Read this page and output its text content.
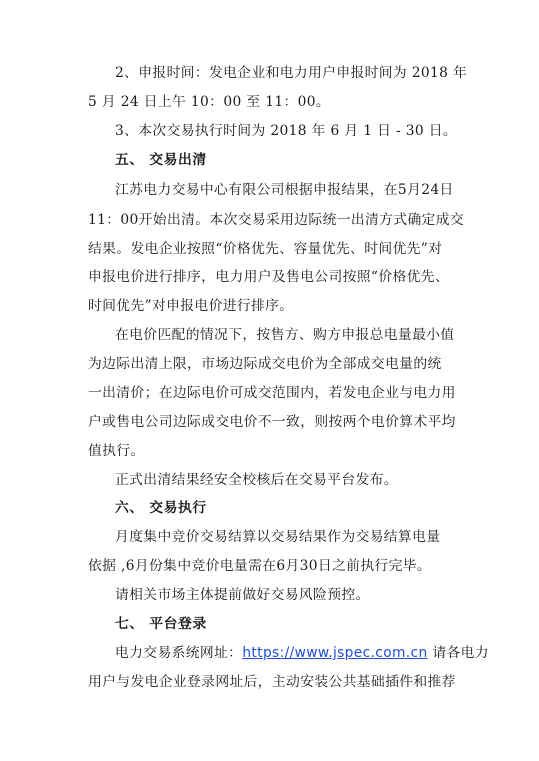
2、申报时间：发电企业和电力用户申报时间为 2018 年
5 月 24 日上午 10：00 至 11：00。
3、本次交易执行时间为 2018 年 6 月 1 日 - 30 日。
五、 交易出清
江苏电力交易中心有限公司根据申报结果，在5月24日
11：00开始出清。本次交易采用边际统一出清方式确定成交
结果。发电企业按照“价格优先、容量优先、时间优先”对
申报电价进行排序，电力用户及售电公司按照“价格优先、
时间优先”对申报电价进行排序。
在电价匹配的情况下，按售方、购方申报总电量最小值
为边际出清上限，市场边际成交电价为全部成交电量的统
一出清价；在边际电价可成交范围内，若发电企业与电力用
户或售电公司边际成交电价不一致，则按两个电价算术平均
值执行。
正式出清结果经安全校核后在交易平台发布。
六、 交易执行
月度集中竞价交易结算以交易结果作为交易结算电量
依据 ,6月份集中竞价电量需在6月30日之前执行完毕。
请相关市场主体提前做好交易风险预控。
七、 平台登录
电力交易系统网址：https://www.jspec.com.cn 请各电力
用户与发电企业登录网址后，主动安装公共基础插件和推荐
